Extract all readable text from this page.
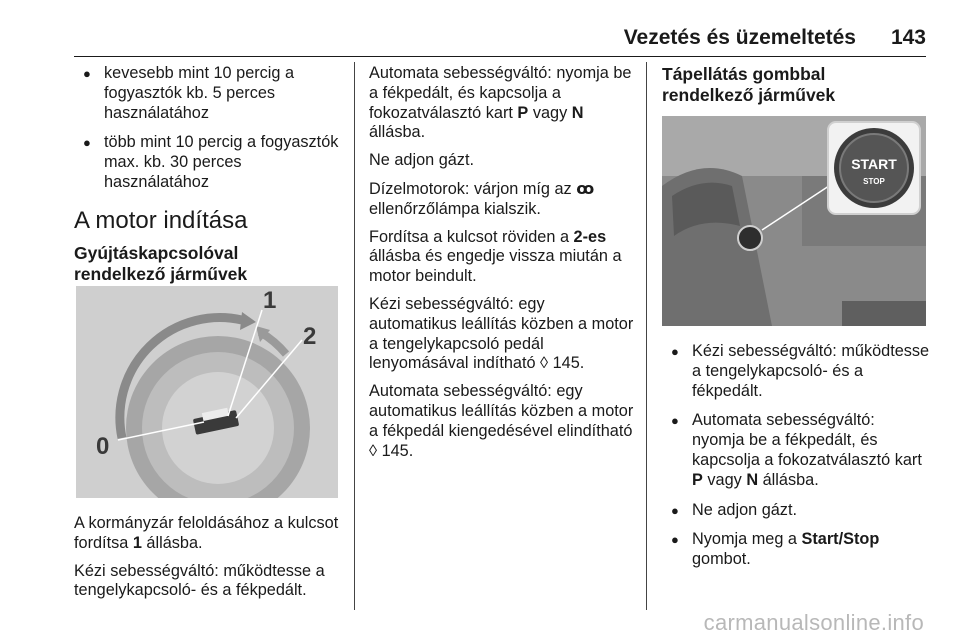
Vezetés és üzemeltetés 143
● kevesebb mint 10 percig a fogyasztók kb. 5 perces használatához
● több mint 10 percig a fogyasztók max. kb. 30 perces használatához
A motor indítása
Gyújtáskapcsolóval rendelkező járművek
0
1
2

A kormányzár feloldásához a kulcsot fordítsa 1 állásba.

Kézi sebességváltó: működtesse a tengelykapcsoló- és a fékpedált.

Automata sebességváltó: nyomja be a fékpedált, és kapcsolja a fokozatválasztó kart P vagy N állásba.

Ne adjon gázt.

Dízelmotorok: várjon míg az ꝏ ellenőrzőlámpa kialszik.

Fordítsa a kulcsot röviden a 2-es állásba és engedje vissza miután a motor beindult.

Kézi sebességváltó: egy automatikus leállítás közben a motor a tengelykapcsoló pedál lenyomásával indítható ◊ 145.

Automata sebességváltó: egy automatikus leállítás közben a motor a fékpedál kiengedésével elindítható ◊ 145.

Tápellátás gombbal rendelkező járművek
START
STOP
● Kézi sebességváltó: működtesse a tengelykapcsoló- és a fékpedált.
● Automata sebességváltó: nyomja be a fékpedált, és kapcsolja a fokozatválasztó kart P vagy N állásba.
● Ne adjon gázt.
● Nyomja meg a Start/Stop gombot.
carmanualsonline.info
